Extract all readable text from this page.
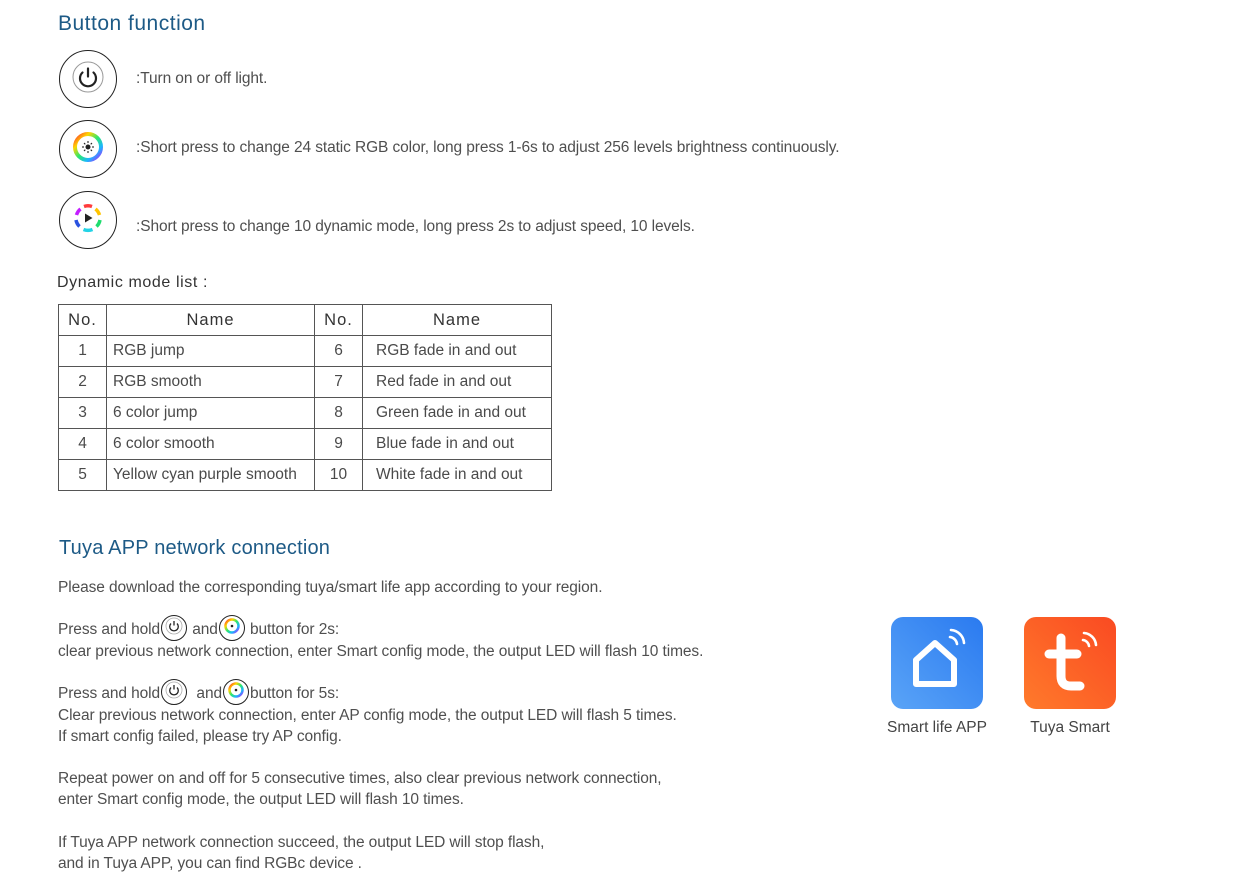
Button function
:Turn on or off light.
:Short press to change 24 static RGB color, long press 1-6s to adjust 256 levels brightness continuously.
:Short press to change 10 dynamic mode, long press 2s to adjust speed, 10 levels.
Dynamic mode list :
No.	Name	No.	Name
1	RGB jump	6	RGB fade in and out
2	RGB smooth	7	Red fade in and out
3	6 color jump	8	Green fade in and out
4	6 color smooth	9	Blue fade in and out
5	Yellow cyan purple smooth	10	White fade in and out
Tuya APP network connection
Please download the corresponding tuya/smart life app according to your region.
Press and hold and button for 2s:
clear previous network connection, enter Smart config mode, the output LED will flash 10 times.
Press and hold and button for 5s:
Clear previous network connection, enter AP config mode, the output LED will flash 5 times.
If smart config failed, please try AP config.
Repeat power on and off for 5 consecutive times, also clear previous network connection,
enter Smart config mode, the output LED will flash 10 times.
If Tuya APP network connection succeed, the output LED will stop flash,
and in Tuya APP, you can find RGBc device .
Smart life APP	Tuya Smart
